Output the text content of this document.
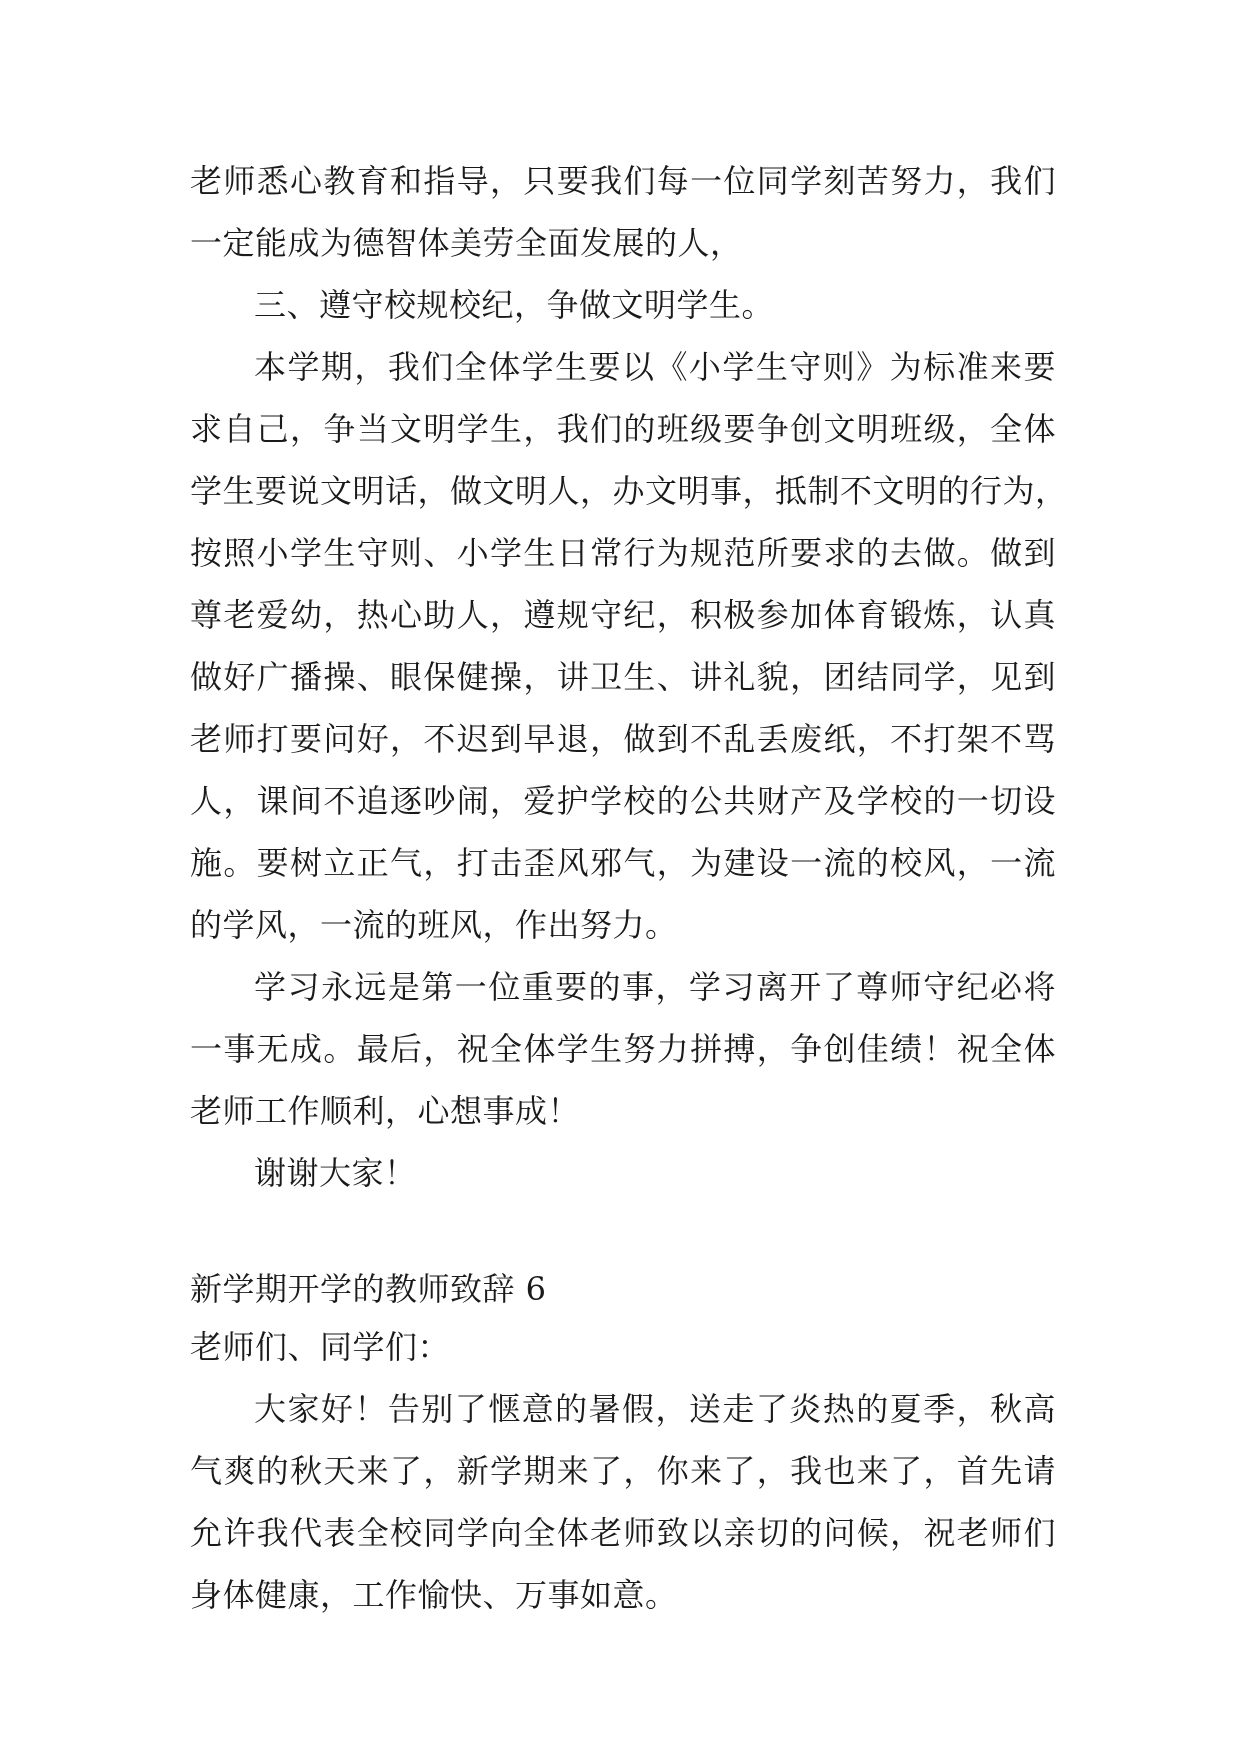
老师悉心教育和指导，只要我们每一位同学刻苦努力，我们
一定能成为德智体美劳全面发展的人，
三、遵守校规校纪，争做文明学生。
本学期，我们全体学生要以《小学生守则》为标准来要
求自己，争当文明学生，我们的班级要争创文明班级，全体
学生要说文明话，做文明人，办文明事，抵制不文明的行为，
按照小学生守则、小学生日常行为规范所要求的去做。做到
尊老爱幼，热心助人，遵规守纪，积极参加体育锻炼，认真
做好广播操、眼保健操，讲卫生、讲礼貌，团结同学，见到
老师打要问好，不迟到早退，做到不乱丢废纸，不打架不骂
人，课间不追逐吵闹，爱护学校的公共财产及学校的一切设
施。要树立正气，打击歪风邪气，为建设一流的校风，一流
的学风，一流的班风，作出努力。
学习永远是第一位重要的事，学习离开了尊师守纪必将
一事无成。最后，祝全体学生努力拼搏，争创佳绩！祝全体
老师工作顺利，心想事成！
谢谢大家！
新学期开学的教师致辞 6
老师们、同学们：
大家好！告别了惬意的暑假，送走了炎热的夏季，秋高
气爽的秋天来了，新学期来了，你来了，我也来了，首先请
允许我代表全校同学向全体老师致以亲切的问候，祝老师们
身体健康，工作愉快、万事如意。
